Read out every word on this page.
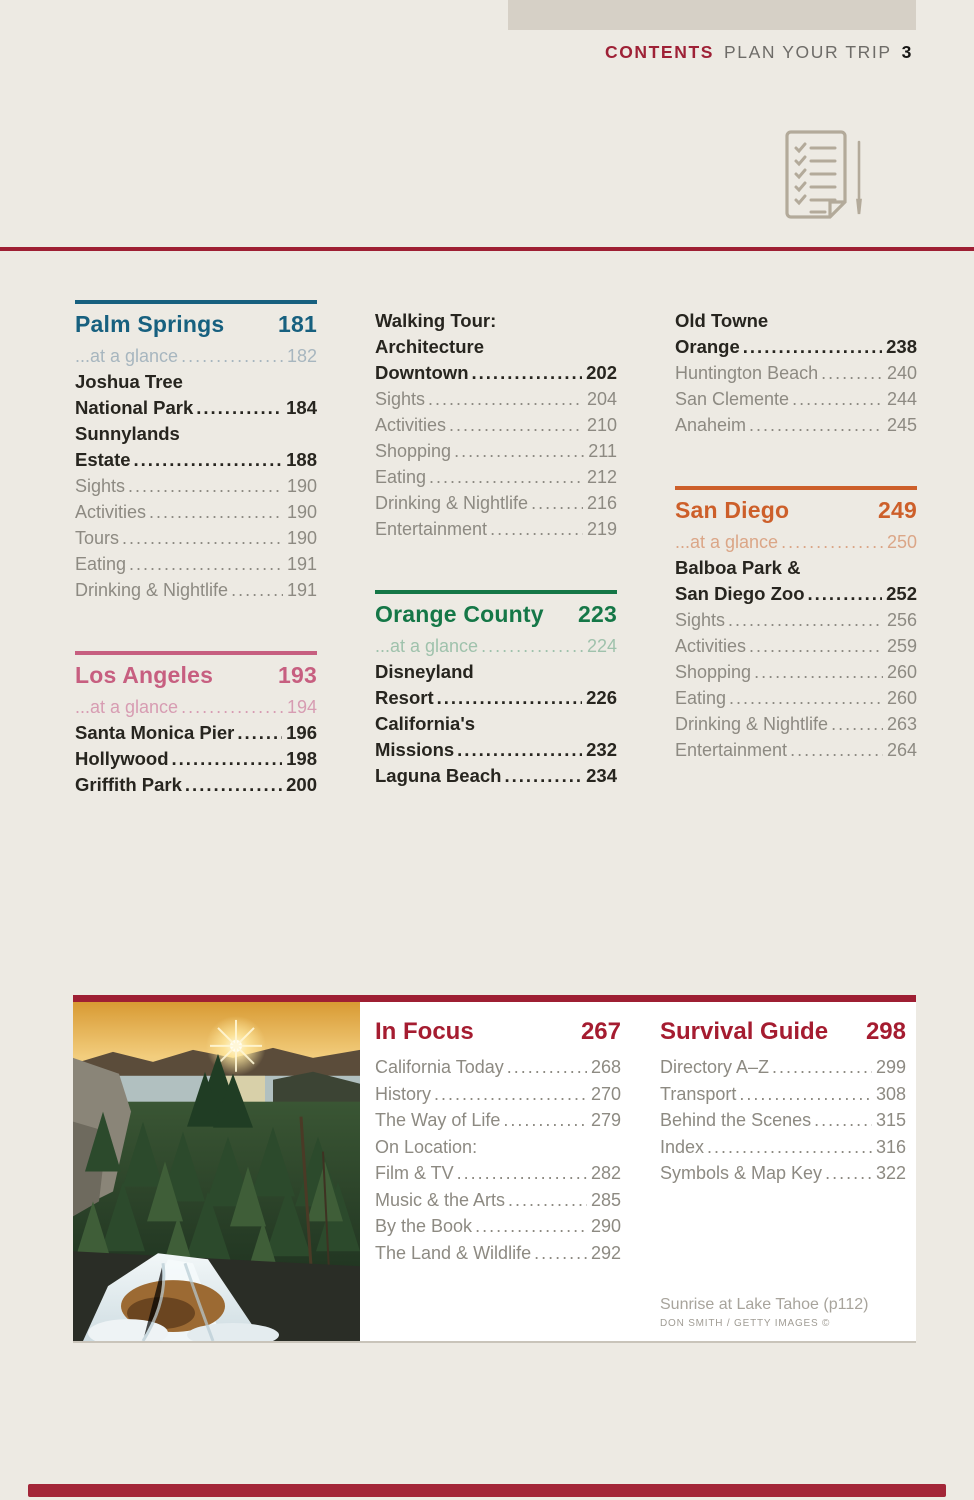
CONTENTS PLAN YOUR TRIP 3
Palm Springs 181
...at a glance .....	182
Joshua Tree
National Park .....	184
Sunnylands
Estate .....	188
Sights .....	190
Activities .....	190
Tours .....	190
Eating .....	191
Drinking & Nightlife .....	191
Los Angeles	193
...at a glance .....	194
Santa Monica Pier .....	196
Hollywood .....	198
Griffith Park .....	200
Walking Tour:
Architecture
Downtown .....	202
Sights .....	204
Activities .....	210
Shopping .....	211
Eating .....	212
Drinking & Nightlife .....	216
Entertainment .....	219
Orange County 223
...at a glance .....	224
Disneyland
Resort .....	226
California's
Missions .....	232
Laguna Beach .....	234
Old Towne
Orange .....	238
Huntington Beach .....	240
San Clemente .....	244
Anaheim .....	245
San Diego	249
...at a glance .....	250
Balboa Park &
San Diego Zoo .....	252
Sights .....	256
Activities .....	259
Shopping .....	260
Eating .....	260
Drinking & Nightlife .....	263
Entertainment .....	264
In Focus	267
California Today .....	268
History .....	270
The Way of Life .....	279
On Location:
Film & TV .....	282
Music & the Arts .....	285
By the Book .....	290
The Land & Wildlife .....	292
Survival Guide 298
Directory A–Z .....	299
Transport .....	308
Behind the Scenes .....	315
Index .....	316
Symbols & Map Key .....	322
Sunrise at Lake Tahoe (p112)
DON SMITH / GETTY IMAGES ©
